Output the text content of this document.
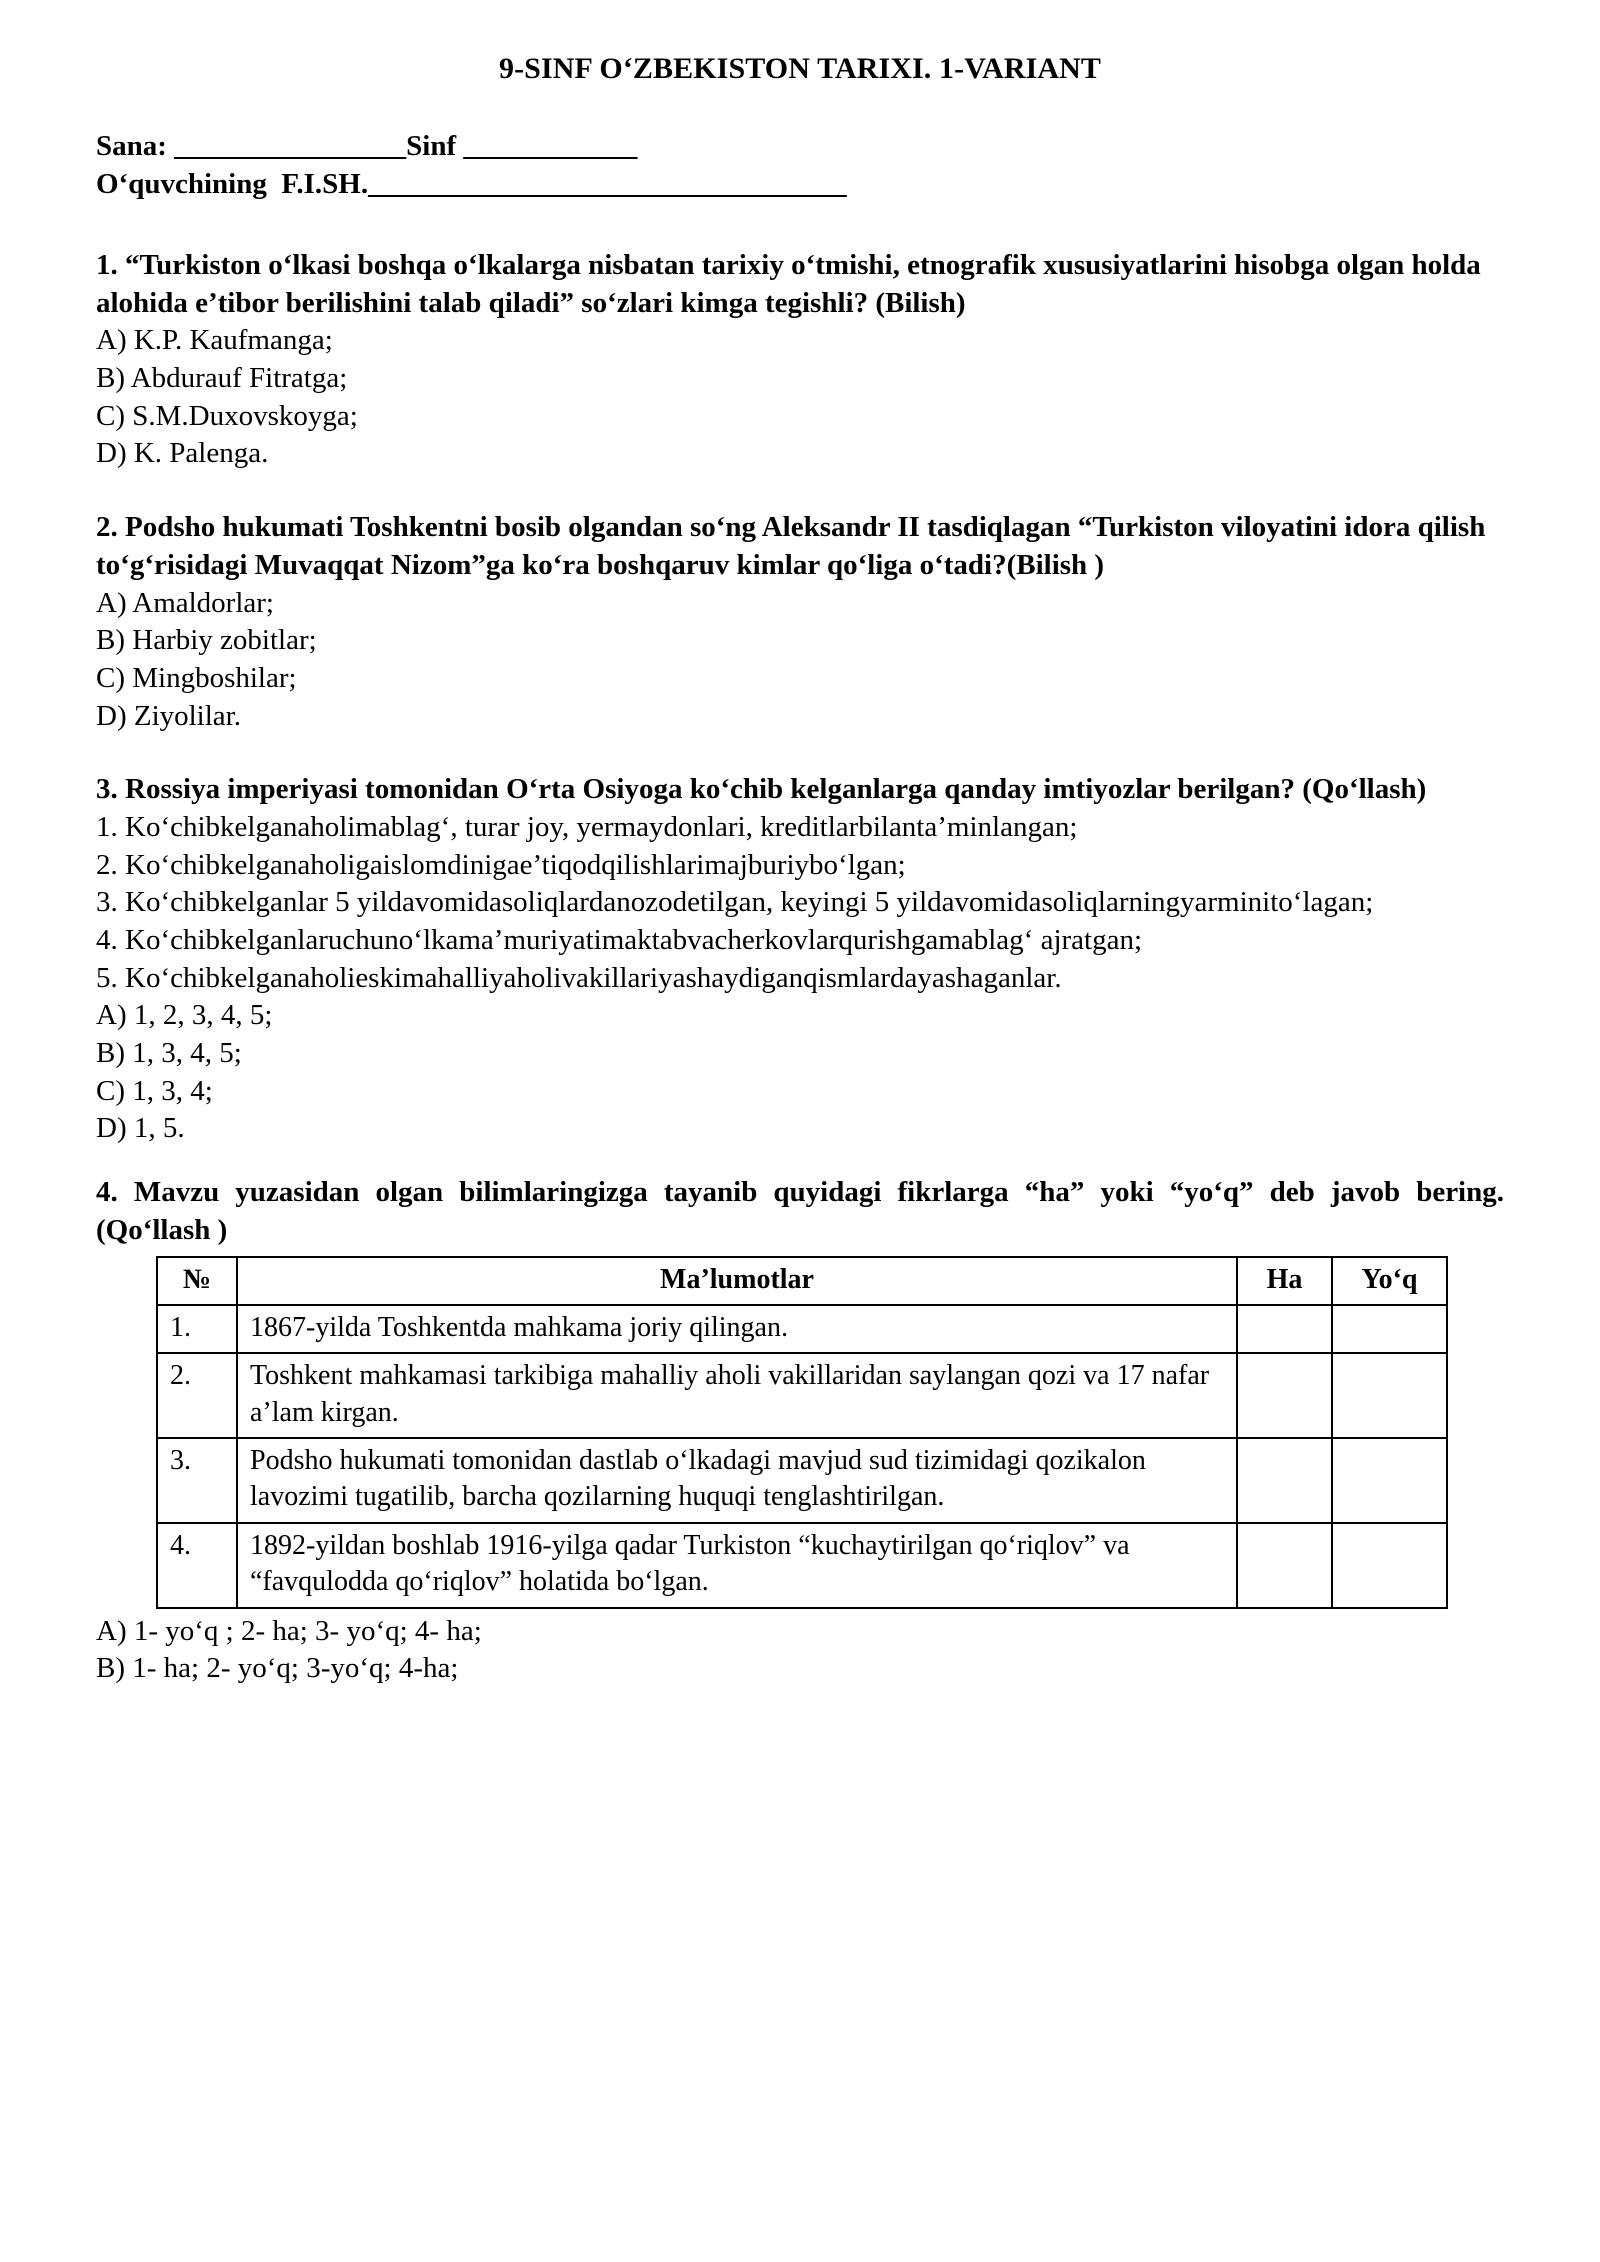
9-SINF O‘ZBEKISTON TARIXI. 1-VARIANT
Sana: ________________Sinf ____________
O‘quvchining  F.I.SH._________________________________

1. “Turkiston o‘lkasi boshqa o‘lkalarga nisbatan tarixiy o‘tmishi, etnografik xususiyatlarini hisobga olgan holda alohida e’tibor berilishini talab qiladi” so‘zlari kimga tegishli? (Bilish)

A) K.P. Kaufmanga;

B) Abdurauf Fitratga;

C) S.M.Duxovskoyga;

D) K. Palenga.

2. Podsho hukumati Toshkentni bosib olgandan so‘ng Aleksandr II tasdiqlagan “Turkiston viloyatini idora qilish to‘g‘risidagi Muvaqqat Nizom”ga ko‘ra boshqaruv kimlar qo‘liga o‘tadi?(Bilish )

A) Amaldorlar;

B) Harbiy zobitlar;

C) Mingboshilar;

D) Ziyolilar.

3. Rossiya imperiyasi tomonidan O‘rta Osiyoga ko‘chib kelganlarga qanday imtiyozlar berilgan? (Qo‘llash)

1. Ko‘chibkelganaholimablag‘, turar joy, yermaydonlari, kreditlarbilanta’minlangan;

2. Ko‘chibkelganaholigaislomdinigae’tiqodqilishlarimajburiybo‘lgan;

3. Ko‘chibkelganlar 5 yildavomidasoliqlardanozodetilgan, keyingi 5 yildavomidasoliqlarningyarminito‘lagan;

4. Ko‘chibkelganlaruchuno‘lkama’muriyatimaktabvacherkovlarqurishgamablag‘ ajratgan;

5. Ko‘chibkelganaholieskimahalliyaholivakillariyashaydiganqismlardayashaganlar.

A) 1, 2, 3, 4, 5;

B) 1, 3, 4, 5;

C) 1, 3, 4;

D) 1, 5.

4. Mavzu yuzasidan olgan bilimlaringizga tayanib quyidagi fikrlarga “ha” yoki “yo‘q” deb javob bering. (Qo‘llash )

№	Ma’lumotlar	Ha	Yo‘q
1.	1867-yilda Toshkentda mahkama joriy qilingan.		
2.	Toshkent mahkamasi tarkibiga mahalliy aholi vakillaridan saylangan qozi va 17 nafar a’lam kirgan.		
3.	Podsho hukumati tomonidan dastlab o‘lkadagi mavjud sud tizimidagi qozikalon lavozimi tugatilib, barcha qozilarning huquqi tenglashtirilgan.		
4.	1892-yildan boshlab 1916-yilga qadar Turkiston “kuchaytirilgan qo‘riqlov” va “favqulodda qo‘riqlov” holatida bo‘lgan.		

A) 1- yo‘q ; 2- ha; 3- yo‘q; 4- ha;

B) 1- ha; 2- yo‘q; 3-yo‘q; 4-ha;
